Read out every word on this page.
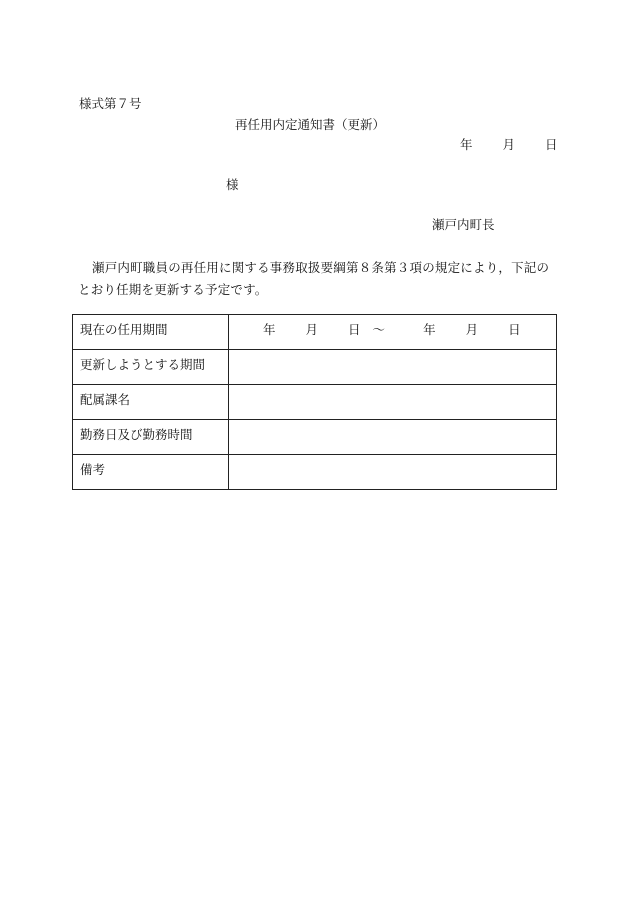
様式第７号
再任用内定通知書（更新）
年 月 日
様
瀬戸内町長
瀬戸内町職員の再任用に関する事務取扱要綱第８条第３項の規定により，下記のとおり任期を更新する予定です。
現在の任用期間	年 月 日 〜 年 月 日
更新しようとする期間	
配属課名	
勤務日及び勤務時間	
備考	
